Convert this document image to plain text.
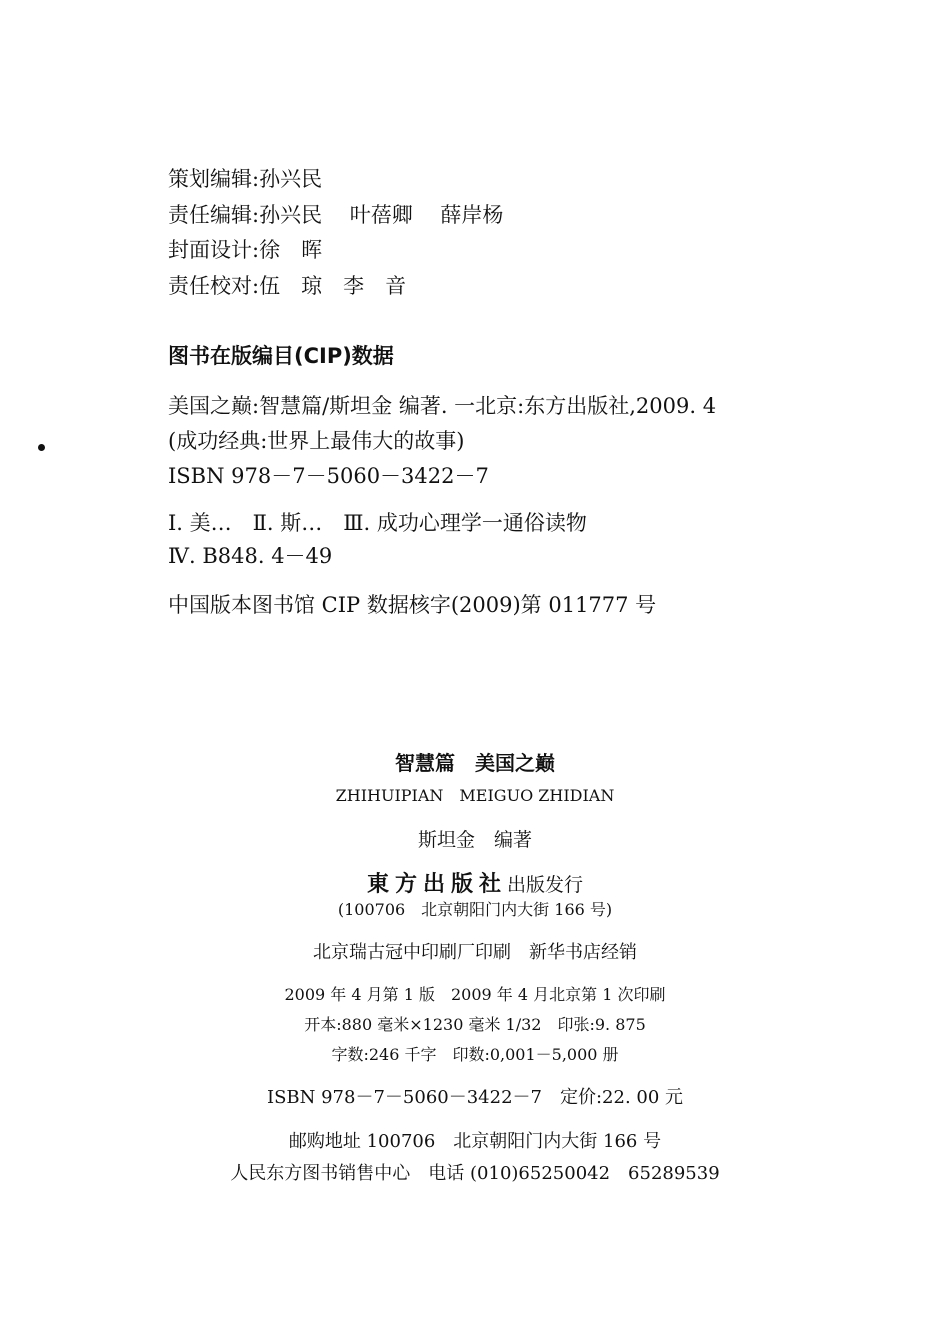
策划编辑:孙兴民
责任编辑:孙兴民　 叶蓓卿　 薛岸杨
封面设计:徐　晖
责任校对:伍　琼　李　音
图书在版编目(CIP)数据
美国之巅:智慧篇/斯坦金 编著. 一北京:东方出版社,2009. 4
(成功经典:世界上最伟大的故事)
ISBN 978－7－5060－3422－7
Ⅰ. 美…　Ⅱ. 斯…　Ⅲ. 成功心理学一通俗读物
Ⅳ. B848. 4－49
中国版本图书馆 CIP 数据核字(2009)第 011777 号
智慧篇　美国之巅
ZHIHUIPIAN　MEIGUO ZHIDIAN
斯坦金　编著
東方出版社出版发行
(100706　北京朝阳门内大街 166 号)
北京瑞古冠中印刷厂印刷　新华书店经销
2009 年 4 月第 1 版　2009 年 4 月北京第 1 次印刷
开本:880 毫米×1230 毫米 1/32　印张:9. 875
字数:246 千字　印数:0,001－5,000 册
ISBN 978－7－5060－3422－7　定价:22. 00 元
邮购地址 100706　北京朝阳门内大街 166 号
人民东方图书销售中心　电话 (010)65250042　65289539
